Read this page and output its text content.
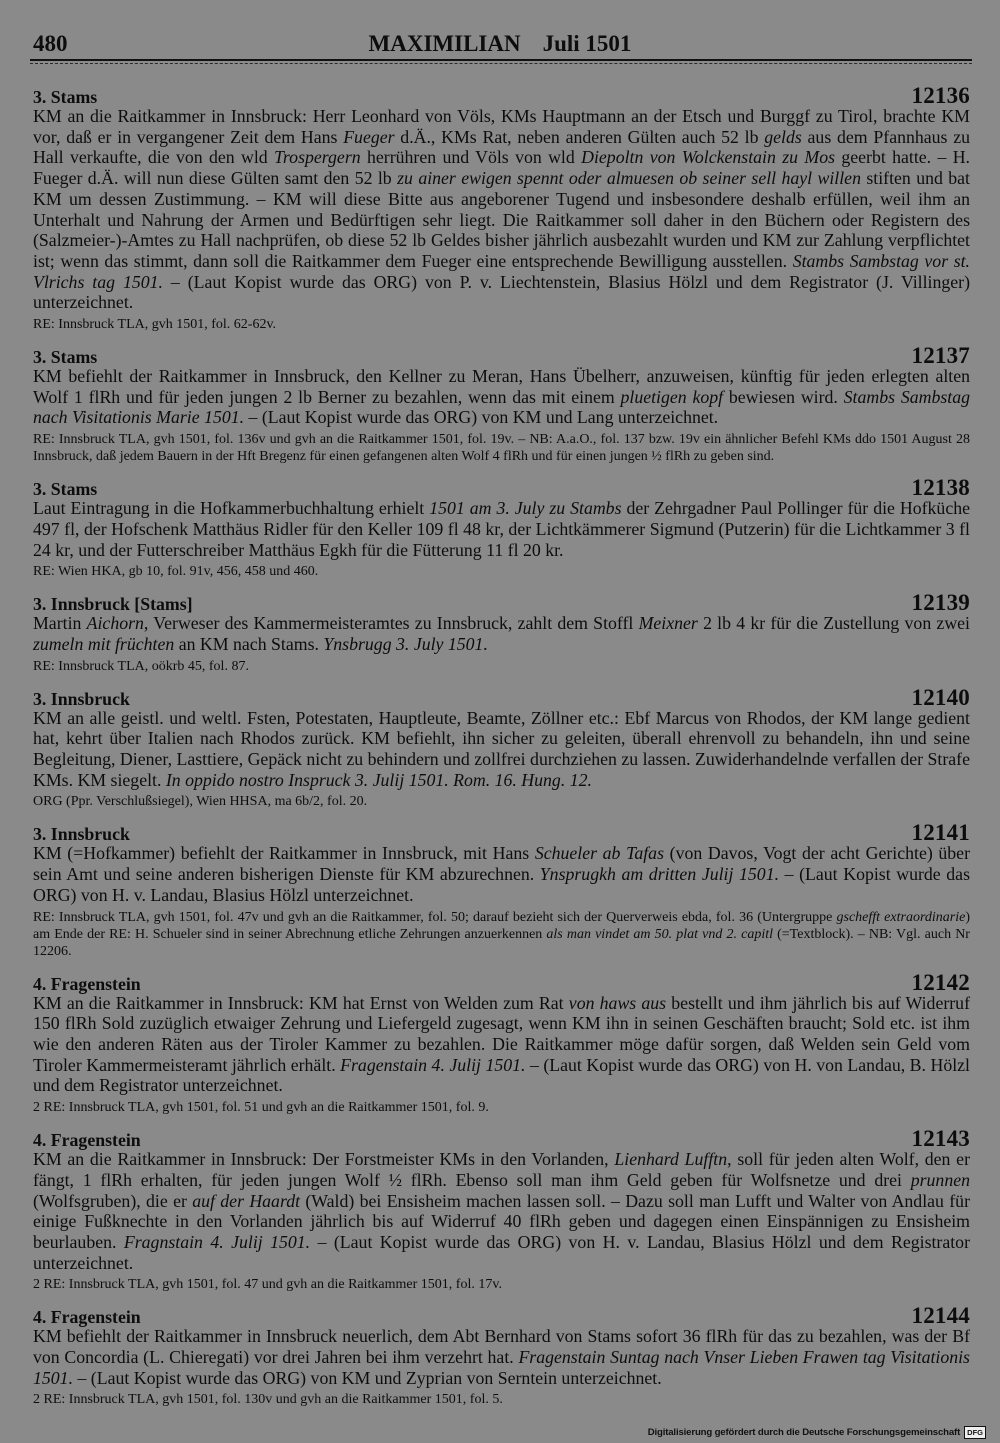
480	MAXIMILIAN Juli 1501
3. Stams	12136

KM an die Raitkammer in Innsbruck: Herr Leonhard von Völs, KMs Hauptmann an der Etsch und Burggf zu Tirol, brachte KM vor, daß er in vergangener Zeit dem Hans Fueger d.Ä., KMs Rat, neben anderen Gülten auch 52 lb gelds aus dem Pfannhaus zu Hall verkaufte, die von den wld Trospergern herrühren und Völs von wld Diepoltn von Wolckenstain zu Mos geerbt hatte. – H. Fueger d.Ä. will nun diese Gülten samt den 52 lb zu ainer ewigen spennt oder almuesen ob seiner sell hayl willen stiften und bat KM um dessen Zustimmung. – KM will diese Bitte aus angeborener Tugend und insbesondere deshalb erfüllen, weil ihm an Unterhalt und Nahrung der Armen und Bedürftigen sehr liegt. Die Raitkammer soll daher in den Büchern oder Registern des (Salzmeier-)-Amtes zu Hall nachprüfen, ob diese 52 lb Geldes bisher jährlich ausbezahlt wurden und KM zur Zahlung verpflichtet ist; wenn das stimmt, dann soll die Raitkammer dem Fueger eine entsprechende Bewilligung ausstellen. Stambs Sambstag vor st. Vlrichs tag 1501. – (Laut Kopist wurde das ORG) von P. v. Liechtenstein, Blasius Hölzl und dem Registrator (J. Villinger) unterzeichnet.

RE: Innsbruck TLA, gvh 1501, fol. 62-62v.

3. Stams	12137

KM befiehlt der Raitkammer in Innsbruck, den Kellner zu Meran, Hans Übelherr, anzuweisen, künftig für jeden erlegten alten Wolf 1 flRh und für jeden jungen 2 lb Berner zu bezahlen, wenn das mit einem pluetigen kopf bewiesen wird. Stambs Sambstag nach Visitationis Marie 1501. – (Laut Kopist wurde das ORG) von KM und Lang unterzeichnet.

RE: Innsbruck TLA, gvh 1501, fol. 136v und gvh an die Raitkammer 1501, fol. 19v. – NB: A.a.O., fol. 137 bzw. 19v ein ähnlicher Befehl KMs ddo 1501 August 28 Innsbruck, daß jedem Bauern in der Hft Bregenz für einen gefangenen alten Wolf 4 flRh und für einen jungen ½ flRh zu geben sind.

3. Stams	12138

Laut Eintragung in die Hofkammerbuchhaltung erhielt 1501 am 3. July zu Stambs der Zehrgadner Paul Pollinger für die Hofküche 497 fl, der Hofschenk Matthäus Ridler für den Keller 109 fl 48 kr, der Lichtkämmerer Sigmund (Putzerin) für die Lichtkammer 3 fl 24 kr, und der Futterschreiber Matthäus Egkh für die Fütterung 11 fl 20 kr.

RE: Wien HKA, gb 10, fol. 91v, 456, 458 und 460.

3. Innsbruck [Stams]	12139

Martin Aichorn, Verweser des Kammermeisteramtes zu Innsbruck, zahlt dem Stoffl Meixner 2 lb 4 kr für die Zustellung von zwei zumeln mit früchten an KM nach Stams. Ynsbrugg 3. July 1501.

RE: Innsbruck TLA, oökrb 45, fol. 87.

3. Innsbruck	12140

KM an alle geistl. und weltl. Fsten, Potestaten, Hauptleute, Beamte, Zöllner etc.: Ebf Marcus von Rhodos, der KM lange gedient hat, kehrt über Italien nach Rhodos zurück. KM befiehlt, ihn sicher zu geleiten, überall ehrenvoll zu behandeln, ihn und seine Begleitung, Diener, Lasttiere, Gepäck nicht zu behindern und zollfrei durchziehen zu lassen. Zuwiderhandelnde verfallen der Strafe KMs. KM siegelt. In oppido nostro Inspruck 3. Julij 1501. Rom. 16. Hung. 12.

ORG (Ppr. Verschlußsiegel), Wien HHSA, ma 6b/2, fol. 20.

3. Innsbruck	12141

KM (=Hofkammer) befiehlt der Raitkammer in Innsbruck, mit Hans Schueler ab Tafas (von Davos, Vogt der acht Gerichte) über sein Amt und seine anderen bisherigen Dienste für KM abzurechnen. Ynsprugkh am dritten Julij 1501. – (Laut Kopist wurde das ORG) von H. v. Landau, Blasius Hölzl unterzeichnet.

RE: Innsbruck TLA, gvh 1501, fol. 47v und gvh an die Raitkammer, fol. 50; darauf bezieht sich der Querverweis ebda, fol. 36 (Untergruppe gschefft extraordinarie) am Ende der RE: H. Schueler sind in seiner Abrechnung etliche Zehrungen anzuerkennen als man vindet am 50. plat vnd 2. capitl (=Textblock). – NB: Vgl. auch Nr 12206.

4. Fragenstein	12142

KM an die Raitkammer in Innsbruck: KM hat Ernst von Welden zum Rat von haws aus bestellt und ihm jährlich bis auf Widerruf 150 flRh Sold zuzüglich etwaiger Zehrung und Liefergeld zugesagt, wenn KM ihn in seinen Geschäften braucht; Sold etc. ist ihm wie den anderen Räten aus der Tiroler Kammer zu bezahlen. Die Raitkammer möge dafür sorgen, daß Welden sein Geld vom Tiroler Kammermeisteramt jährlich erhält. Fragenstain 4. Julij 1501. – (Laut Kopist wurde das ORG) von H. von Landau, B. Hölzl und dem Registrator unterzeichnet.

2 RE: Innsbruck TLA, gvh 1501, fol. 51 und gvh an die Raitkammer 1501, fol. 9.

4. Fragenstein	12143

KM an die Raitkammer in Innsbruck: Der Forstmeister KMs in den Vorlanden, Lienhard Lufftn, soll für jeden alten Wolf, den er fängt, 1 flRh erhalten, für jeden jungen Wolf ½ flRh. Ebenso soll man ihm Geld geben für Wolfsnetze und drei prunnen (Wolfsgruben), die er auf der Haardt (Wald) bei Ensisheim machen lassen soll. – Dazu soll man Lufft und Walter von Andlau für einige Fußknechte in den Vorlanden jährlich bis auf Widerruf 40 flRh geben und dagegen einen Einspännigen zu Ensisheim beurlauben. Fragnstain 4. Julij 1501. – (Laut Kopist wurde das ORG) von H. v. Landau, Blasius Hölzl und dem Registrator unterzeichnet.

2 RE: Innsbruck TLA, gvh 1501, fol. 47 und gvh an die Raitkammer 1501, fol. 17v.

4. Fragenstein	12144

KM befiehlt der Raitkammer in Innsbruck neuerlich, dem Abt Bernhard von Stams sofort 36 flRh für das zu bezahlen, was der Bf von Concordia (L. Chieregati) vor drei Jahren bei ihm verzehrt hat. Fragenstain Suntag nach Vnser Lieben Frawen tag Visitationis 1501. – (Laut Kopist wurde das ORG) von KM und Zyprian von Serntein unterzeichnet.

2 RE: Innsbruck TLA, gvh 1501, fol. 130v und gvh an die Raitkammer 1501, fol. 5.

Digitalisierung gefördert durch die Deutsche Forschungsgemeinschaft DFG
